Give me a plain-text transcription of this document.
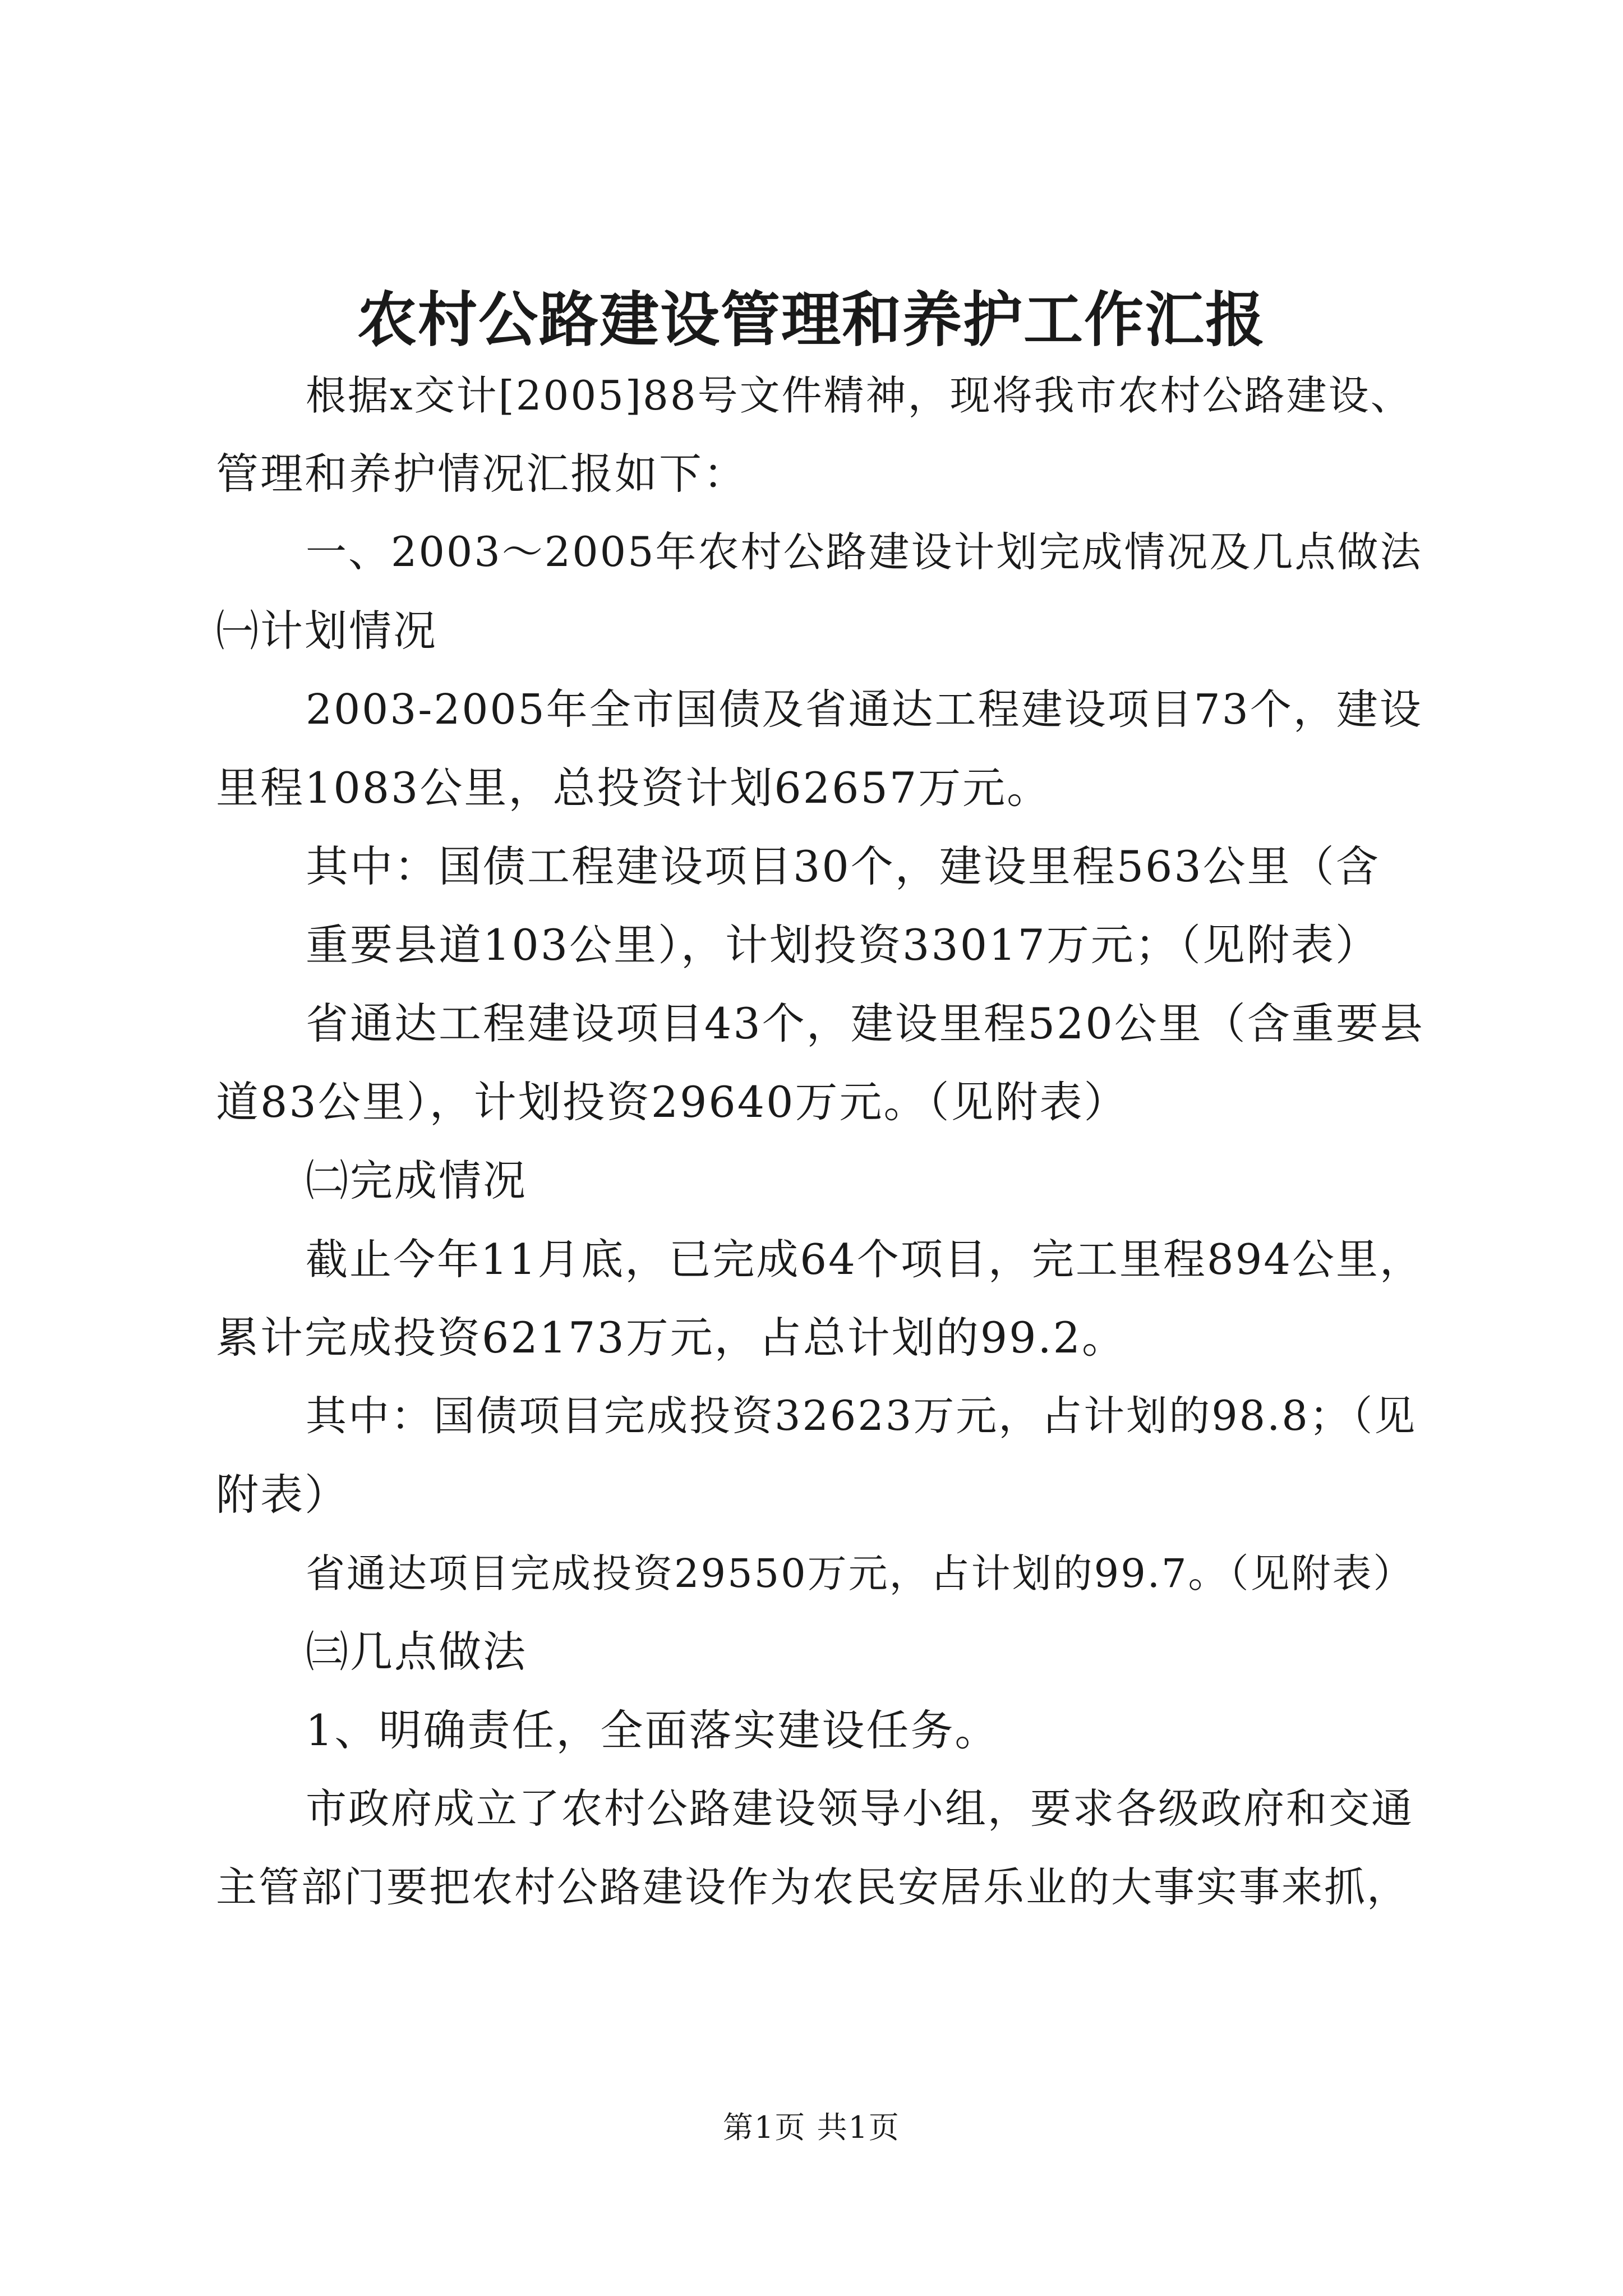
农村公路建设管理和养护工作汇报

根据x交计[2005]88号文件精神，现将我市农村公路建设、

管理和养护情况汇报如下：

一、2003～2005年农村公路建设计划完成情况及几点做法

㈠计划情况

2003-2005年全市国债及省通达工程建设项目73个，建设

里程1083公里，总投资计划62657万元。

其中：国债工程建设项目30个，建设里程563公里（含

重要县道103公里），计划投资33017万元；（见附表）

省通达工程建设项目43个，建设里程520公里（含重要县

道83公里），计划投资29640万元。（见附表）

㈡完成情况

截止今年11月底，已完成64个项目，完工里程894公里，

累计完成投资62173万元，占总计划的99.2。

其中：国债项目完成投资32623万元，占计划的98.8；（见

附表）

省通达项目完成投资29550万元，占计划的99.7。（见附表）

㈢几点做法

1、明确责任，全面落实建设任务。

市政府成立了农村公路建设领导小组，要求各级政府和交通

主管部门要把农村公路建设作为农民安居乐业的大事实事来抓，

第1页 共1页
